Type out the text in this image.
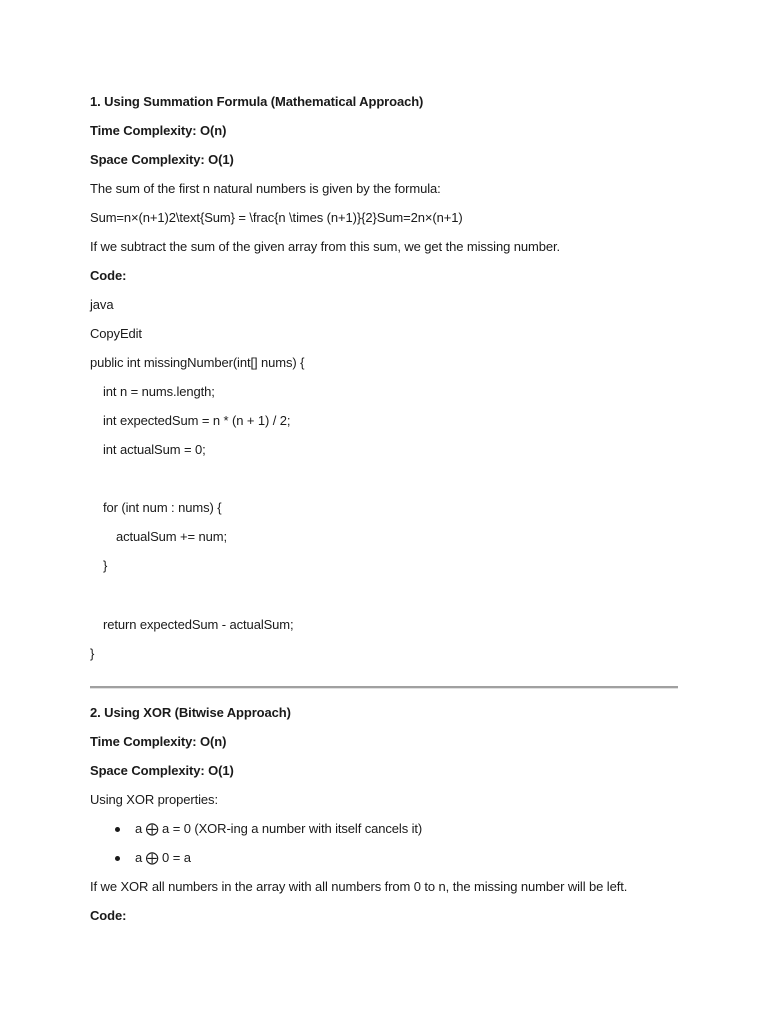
1. Using Summation Formula (Mathematical Approach)
Time Complexity: O(n)
Space Complexity: O(1)
The sum of the first n natural numbers is given by the formula:
Sum=n×(n+1)2\text{Sum} = \frac{n \times (n+1)}{2}Sum=2n×(n+1)
If we subtract the sum of the given array from this sum, we get the missing number.
Code:
java
CopyEdit
public int missingNumber(int[] nums) {
int n = nums.length;
int expectedSum = n * (n + 1) / 2;
int actualSum = 0;
for (int num : nums) {
actualSum += num;
}
return expectedSum - actualSum;
}
2. Using XOR (Bitwise Approach)
Time Complexity: O(n)
Space Complexity: O(1)
Using XOR properties:
a ⨁ a = 0 (XOR-ing a number with itself cancels it)
a ⨁ 0 = a
If we XOR all numbers in the array with all numbers from 0 to n, the missing number will be left.
Code:
